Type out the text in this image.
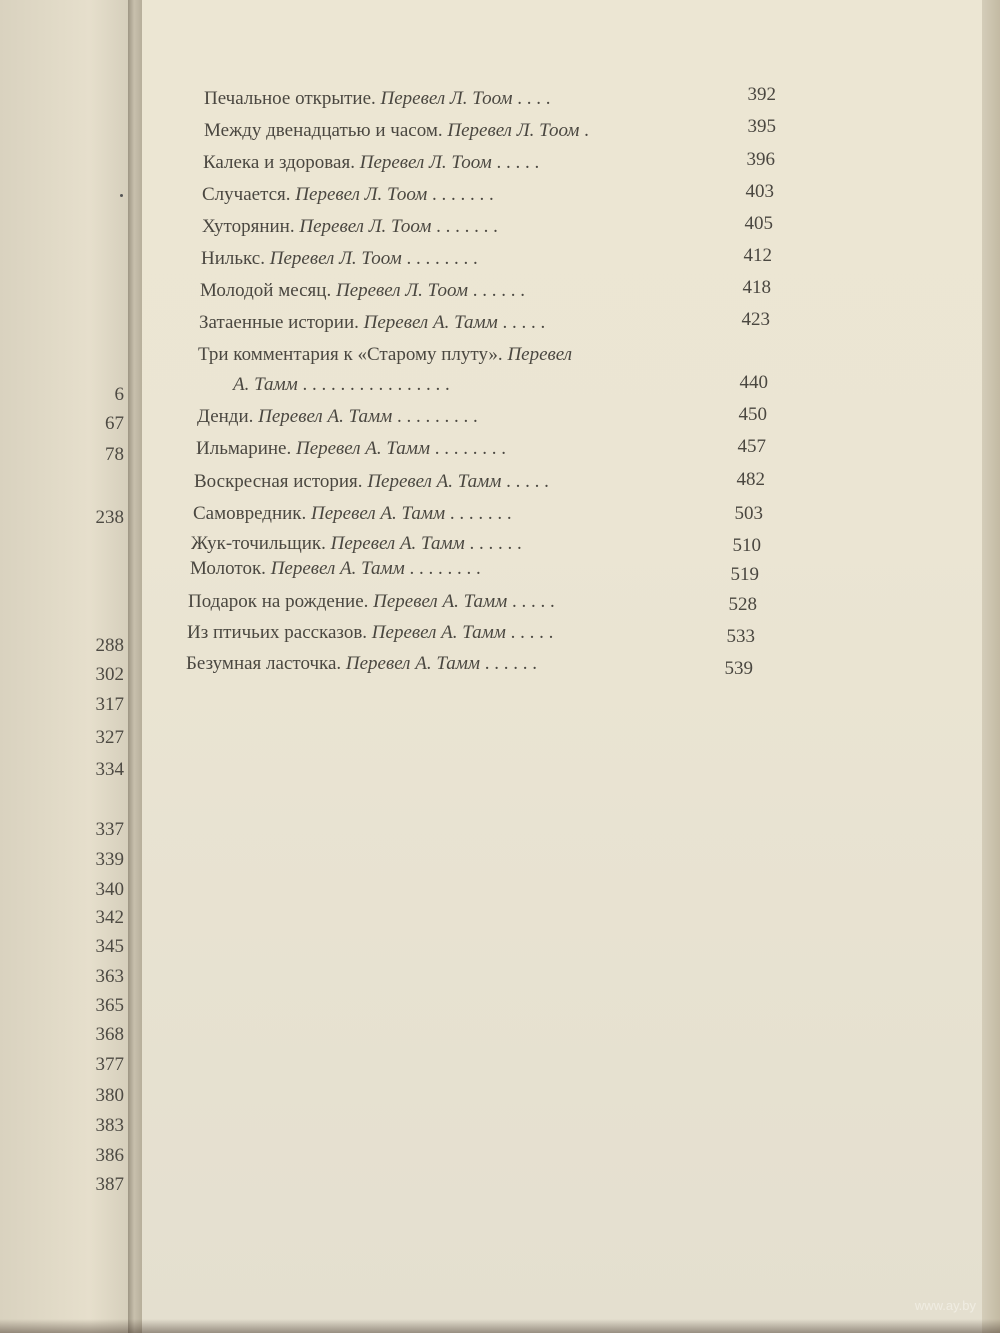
6
67
78
238
288
302
317
327
334
337
339
340
342
345
363
365
368
377
380
383
386
387
Печальное открытие. Перевел Л. Тоом . . . .	392
Между двенадцатью и часом. Перевел Л. Тоом .	395
Калека и здоровая. Перевел Л. Тоом . . . . .	396
Случается. Перевел Л. Тоом . . . . . . .	403
Хуторянин. Перевел Л. Тоом . . . . . . .	405
Нилькс. Перевел Л. Тоом . . . . . . . .	412
Молодой месяц. Перевел Л. Тоом . . . . . .	418
Затаенные истории. Перевел А. Тамм . . . . .	423
Три комментария к «Старому плуту». Перевел
А. Тамм . . . . . . . . . . . . . . . .	440
Денди. Перевел А. Тамм . . . . . . . . .	450
Ильмарине. Перевел А. Тамм . . . . . . . .	457
Воскресная история. Перевел А. Тамм . . . . .	482
Самовредник. Перевел А. Тамм . . . . . . .	503
Жук-точильщик. Перевел А. Тамм . . . . . .	510
Молоток. Перевел А. Тамм . . . . . . . .	519
Подарок на рождение. Перевел А. Тамм . . . . .	528
Из птичьих рассказов. Перевел А. Тамм . . . . .	533
Безумная ласточка. Перевел А. Тамм . . . . . .	539
www.ay.by
